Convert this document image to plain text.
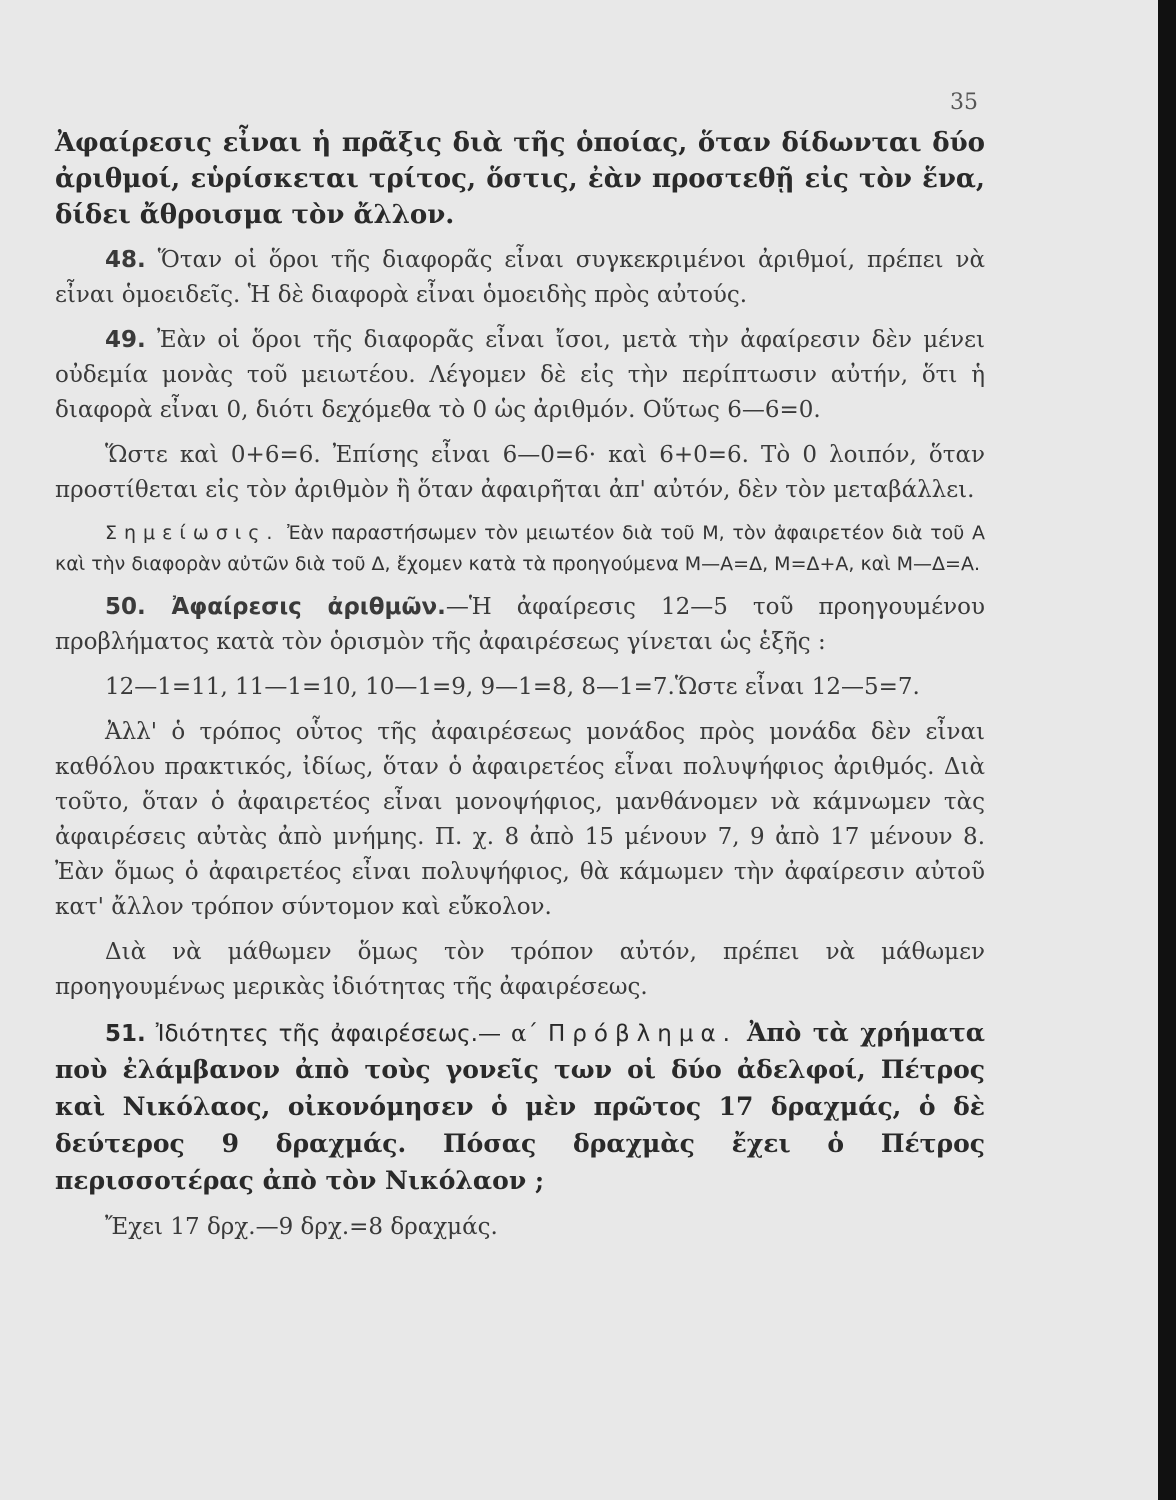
35

Ἀφαίρεσις εἶναι ἡ πρᾶξις διὰ τῆς ὁποίας, ὅταν δίδωνται δύο ἀριθμοί, εὑρίσκεται τρίτος, ὅστις, ἐὰν προστεθῇ εἰς τὸν ἕνα, δίδει ἄθροισμα τὸν ἄλλον.

48. Ὅταν οἱ ὅροι τῆς διαφορᾶς εἶναι συγκεκριμένοι ἀριθμοί, πρέπει νὰ εἶναι ὁμοειδεῖς. Ἡ δὲ διαφορὰ εἶναι ὁμοειδὴς πρὸς αὐτούς.

49. Ἐὰν οἱ ὅροι τῆς διαφορᾶς εἶναι ἴσοι, μετὰ τὴν ἀφαίρεσιν δὲν μένει οὐδεμία μονὰς τοῦ μειωτέου. Λέγομεν δὲ εἰς τὴν περίπτωσιν αὐτήν, ὅτι ἡ διαφορὰ εἶναι 0, διότι δεχόμεθα τὸ 0 ὡς ἀριθμόν. Οὕτως 6—6=0.

Ὥστε καὶ 0+6=6. Ἐπίσης εἶναι 6—0=6· καὶ 6+0=6. Τὸ 0 λοιπόν, ὅταν προστίθεται εἰς τὸν ἀριθμὸν ἢ ὅταν ἀφαιρῆται ἀπ' αὐτόν, δὲν τὸν μεταβάλλει.

Σημείωσις. Ἐὰν παραστήσωμεν τὸν μειωτέον διὰ τοῦ Μ, τὸν ἀφαιρετέον διὰ τοῦ Α καὶ τὴν διαφορὰν αὐτῶν διὰ τοῦ Δ, ἔχομεν κατὰ τὰ προηγούμενα Μ—Α=Δ, Μ=Δ+Α, καὶ Μ—Δ=Α.

50. Ἀφαίρεσις ἀριθμῶν.—Ἡ ἀφαίρεσις 12—5 τοῦ προηγουμένου προβλήματος κατὰ τὸν ὁρισμὸν τῆς ἀφαιρέσεως γίνεται ὡς ἑξῆς :

12—1=11, 11—1=10, 10—1=9, 9—1=8, 8—1=7.Ὥστε εἶναι 12—5=7.

Ἀλλ' ὁ τρόπος οὗτος τῆς ἀφαιρέσεως μονάδος πρὸς μονάδα δὲν εἶναι καθόλου πρακτικός, ἰδίως, ὅταν ὁ ἀφαιρετέος εἶναι πολυψήφιος ἀριθμός. Διὰ τοῦτο, ὅταν ὁ ἀφαιρετέος εἶναι μονοψήφιος, μανθάνομεν νὰ κάμνωμεν τὰς ἀφαιρέσεις αὐτὰς ἀπὸ μνήμης. Π. χ. 8 ἀπὸ 15 μένουν 7, 9 ἀπὸ 17 μένουν 8. Ἐὰν ὅμως ὁ ἀφαιρετέος εἶναι πολυψήφιος, θὰ κάμωμεν τὴν ἀφαίρεσιν αὐτοῦ κατ' ἄλλον τρόπον σύντομον καὶ εὔκολον.

Διὰ νὰ μάθωμεν ὅμως τὸν τρόπον αὐτόν, πρέπει νὰ μάθωμεν προηγουμένως μερικὰς ἰδιότητας τῆς ἀφαιρέσεως.

51. Ἰδιότητες τῆς ἀφαιρέσεως.— α΄ Πρόβλημα. Ἀπὸ τὰ χρήματα ποὺ ἐλάμβανον ἀπὸ τοὺς γονεῖς των οἱ δύο ἀδελφοί, Πέτρος καὶ Νικόλαος, οἰκονόμησεν ὁ μὲν πρῶτος 17 δραχμάς, ὁ δὲ δεύτερος 9 δραχμάς. Πόσας δραχμὰς ἔχει ὁ Πέτρος περισσοτέρας ἀπὸ τὸν Νικόλαον ;

Ἔχει 17 δρχ.—9 δρχ.=8 δραχμάς.
